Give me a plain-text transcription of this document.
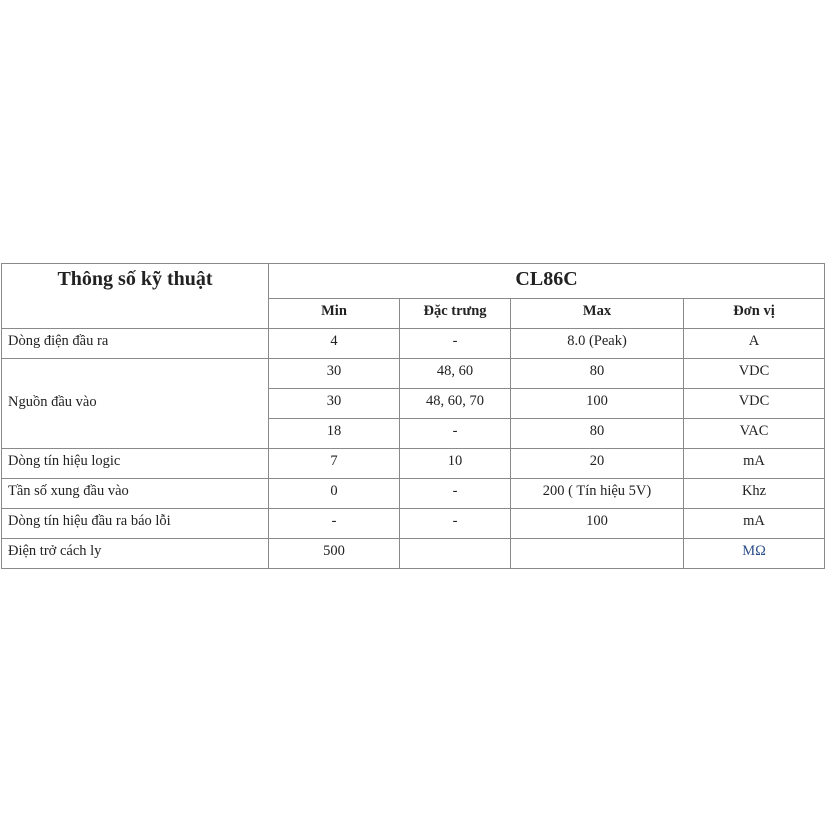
Thông số kỹ thuật	CL86C			

	Min	Đặc trưng	Max	Đơn vị

Dòng điện đầu ra	4	-	8.0 (Peak)	A

Nguồn đầu vào	30	48, 60	80	VDC

	30	48, 60, 70	100	VDC

	18	-	80	VAC

Dòng tín hiệu logic	7	10	20	mA

Tần số xung đầu vào	0	-	200 ( Tín hiệu 5V)	Khz

Dòng tín hiệu đầu ra báo lỗi	-	-	100	mA

Điện trở cách ly	500			MΩ
